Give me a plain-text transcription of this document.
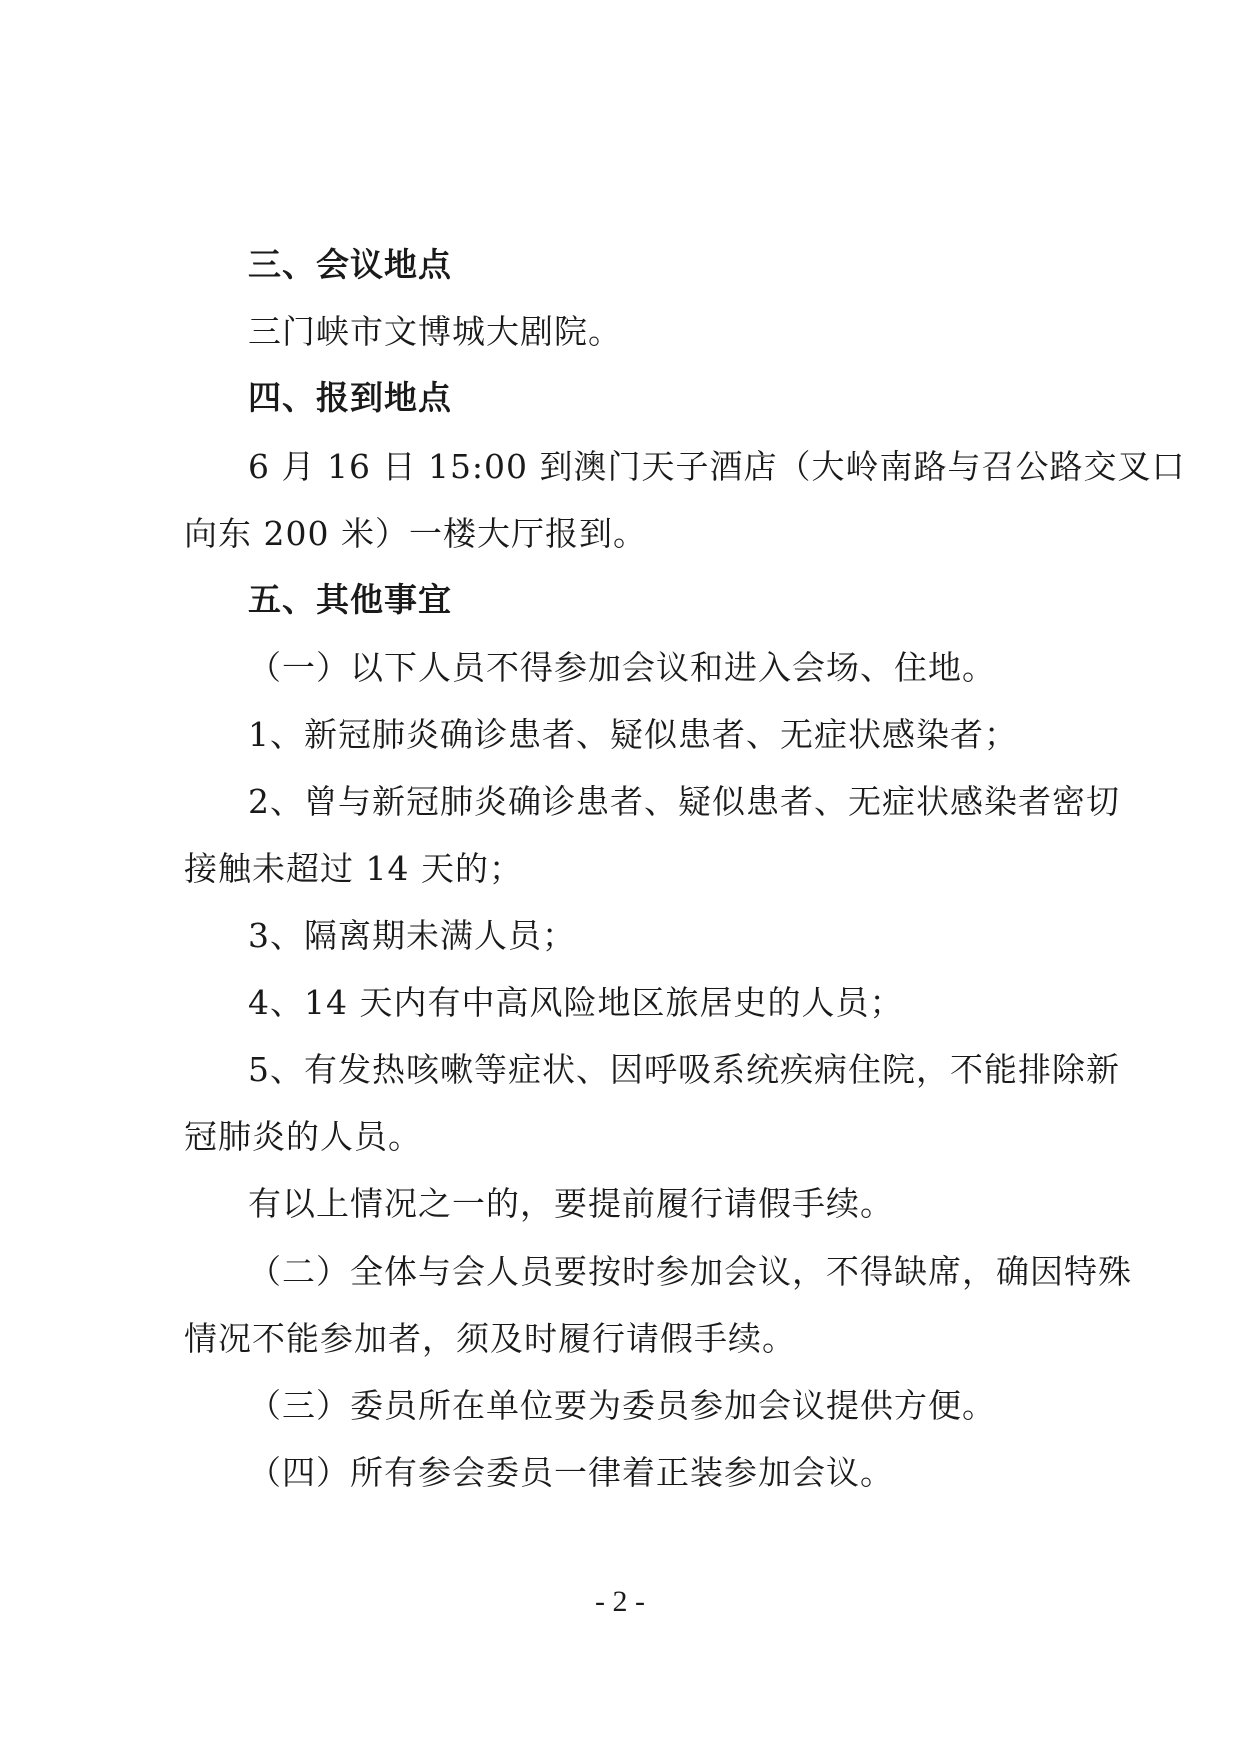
三、会议地点
三门峡市文博城大剧院。
四、报到地点
6 月 16 日 15:00 到澳门天子酒店（大岭南路与召公路交叉口
向东 200 米）一楼大厅报到。
五、其他事宜
（一）以下人员不得参加会议和进入会场、住地。
1、新冠肺炎确诊患者、疑似患者、无症状感染者；
2、曾与新冠肺炎确诊患者、疑似患者、无症状感染者密切
接触未超过 14 天的；
3、隔离期未满人员；
4、14 天内有中高风险地区旅居史的人员；
5、有发热咳嗽等症状、因呼吸系统疾病住院，不能排除新
冠肺炎的人员。
有以上情况之一的，要提前履行请假手续。
（二）全体与会人员要按时参加会议，不得缺席，确因特殊
情况不能参加者，须及时履行请假手续。
（三）委员所在单位要为委员参加会议提供方便。
（四）所有参会委员一律着正装参加会议。
- 2 -
